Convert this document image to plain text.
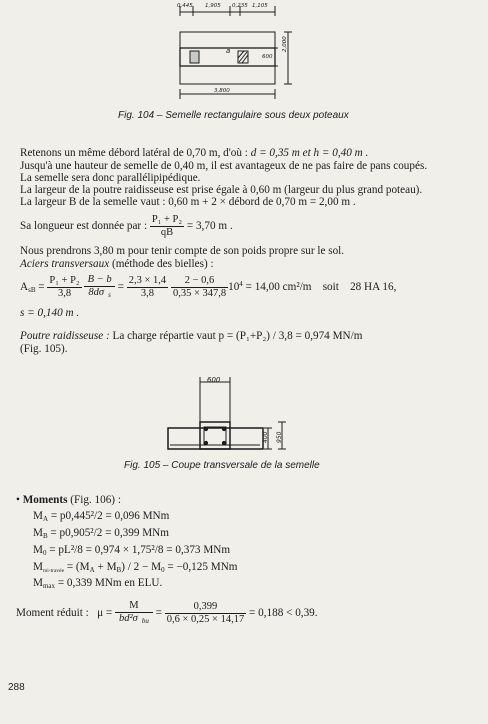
0,445 1,905 0,235 1,105
a
600
2,000
3,800
Fig. 104 – Semelle rectangulaire sous deux poteaux
Retenons un même débord latéral de 0,70 m, d'où : d = 0,35 m et h = 0,40 m .
Jusqu'à une hauteur de semelle de 0,40 m, il est avantageux de ne pas faire de pans coupés.
La semelle sera donc parallélipipédique.
La largeur de la poutre raidisseuse est prise égale à 0,60 m (largeur du plus grand poteau).
La largeur B de la semelle vaut : 0,60 m + 2 × débord de 0,70 m = 2,00 m .
Sa longueur est donnée par : $\frac{\text{P₁ + P₂}}{qB} = 3,70$ m .
Nous prendrons 3,80 m pour tenir compte de son poids propre sur le sol.
Aciers transversaux (méthode des bielles) :
$A_{sB} = \frac{\text{P₁ + P₂}}{3,8}$
$\frac{B - b}{8d\sigma _s} = \frac{2,3 \times 1,4}{3,8}$
$\frac{2 - 0,6}{0,35 \times 347,8} 10^4 = 14,00$ cm²/m soit 28 HA 16,
s = 0,140 m .
Poutre raidisseuse : La charge répartie vaut p = (P₁+P₂) / 3,8 = 0,974 MN/m
(Fig. 105).
600
400 950
Fig. 105 – Coupe transversale de la semelle
• Moments (Fig. 106) :
$M_A = p0,445^2/2 = 0,096$ MNm
$M_B = p0,905^2/2 = 0,399$ MNm
$M_0 = pL^2/8 = 0,974 \times 1,75^2/8 = 0,373$ MNm
$M_{mi-travée} = (M_A + M_B) / 2 - M_0 = -0,125$ MNm
$M_{max} = 0,339$ MNm en ELU.
Moment réduit : $\mu = \frac{M}{bd^2\sigma _{bu}} = \frac{0,399}{0,6 \times 0,25 \times 14,17} = 0,188 < 0,39$.
288
